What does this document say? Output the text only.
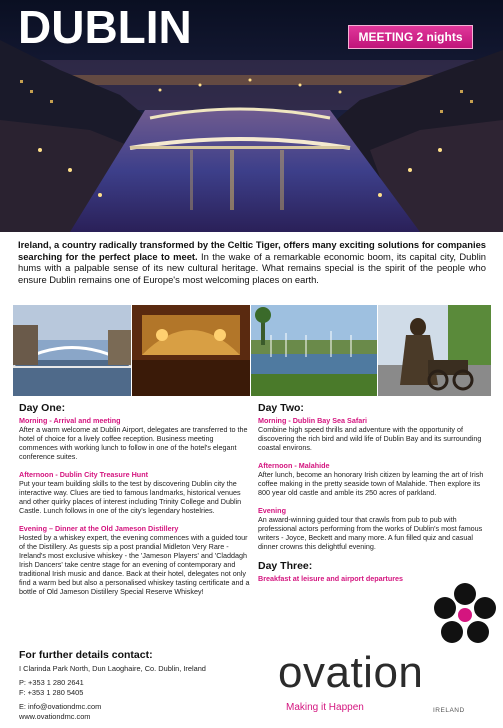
DUBLIN	MEETING 2 nights
Ireland, a country radically transformed by the Celtic Tiger, offers many exciting solutions for companies searching for the perfect place to meet. In the wake of a remarkable economic boom, its capital city, Dublin hums with a palpable sense of its new cultural heritage. What remains special is the spirit of the people who ensure Dublin remains one of Europe's most welcoming places on earth.
Day One:
Morning - Arrival and meeting
After a warm welcome at Dublin Airport, delegates are transferred to the hotel of choice for a lively coffee reception. Business meeting commences with working lunch to follow in one of the hotel's elegant conference suites.
Afternoon - Dublin City Treasure Hunt
Put your team building skills to the test by discovering Dublin city the interactive way. Clues are tied to famous landmarks, historical venues and other quirky places of interest including Trinity College and Dublin Castle. Lunch follows in one of the city's legendary hostelries.
Evening – Dinner at the Old Jameson Distillery
Hosted by a whiskey expert, the evening commences with a guided tour of the Distillery. As guests sip a post prandial Midleton Very Rare - Ireland's most exclusive whiskey - the 'Jameson Players' and 'Claddagh Irish Dancers' take centre stage for an evening of contemporary and traditional Irish music and dance. Back at their hotel, delegates not only find a warm bed but also a personalised whiskey tasting certificate and a bottle of Old Jameson Distillery Special Reserve Whiskey!
Day Two:
Morning - Dublin Bay Sea Safari
Combine high speed thrills and adventure with the opportunity of discovering the rich bird and wild life of Dublin Bay and its surrounding coastal environs.
Afternoon - Malahide
After lunch, become an honorary Irish citizen by learning the art of Irish coffee making in the pretty seaside town of Malahide. Then explore its 800 year old castle and amble its 250 acres of parkland.
Evening
An award-winning guided tour that crawls from pub to pub with professional actors performing from the works of Dublin's most famous writers - Joyce, Beckett and many more. A fun filled quiz and casual dinner crowns this delightful evening.
Day Three:
Breakfast at leisure and airport departures
For further details contact:
I Clarinda Park North, Dun Laoghaire, Co. Dublin, Ireland
P: +353 1 280 2641
F: +353 1 280 5405
E: info@ovationdmc.com
www.ovationdmc.com
ovation
Making it Happen	IRELAND
